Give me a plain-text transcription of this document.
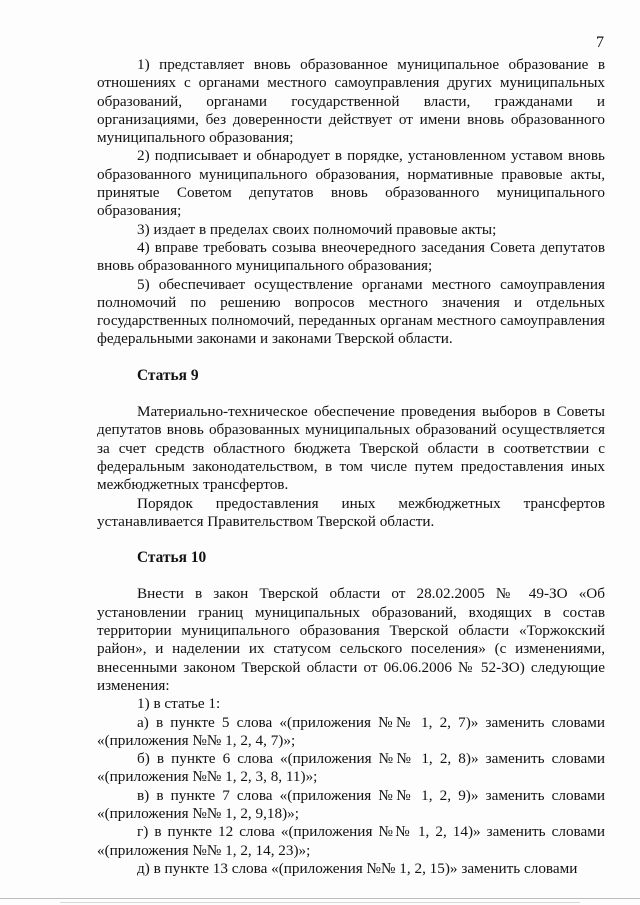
7

1) представляет вновь образованное муниципальное образование в отношениях с органами местного самоуправления других муниципальных образований, органами государственной власти, гражданами и организациями, без доверенности действует от имени вновь образованного муниципального образования;

2) подписывает и обнародует в порядке, установленном уставом вновь образованного муниципального образования, нормативные правовые акты, принятые Советом депутатов вновь образованного муниципального образования;

3) издает в пределах своих полномочий правовые акты;

4) вправе требовать созыва внеочередного заседания Совета депутатов вновь образованного муниципального образования;

5) обеспечивает осуществление органами местного самоуправления полномочий по решению вопросов местного значения и отдельных государственных полномочий, переданных органам местного самоуправления федеральными законами и законами Тверской области.

Статья 9

Материально-техническое обеспечение проведения выборов в Советы депутатов вновь образованных муниципальных образований осуществляется за счет средств областного бюджета Тверской области в соответствии с федеральным законодательством, в том числе путем предоставления иных межбюджетных трансфертов.

Порядок предоставления иных межбюджетных трансфертов устанавливается Правительством Тверской области.

Статья 10

Внести в закон Тверской области от 28.02.2005 № 49-ЗО «Об установлении границ муниципальных образований, входящих в состав территории муниципального образования Тверской области «Торжокский район», и наделении их статусом сельского поселения» (с изменениями, внесенными законом Тверской области от 06.06.2006 № 52-ЗО) следующие изменения:

1) в статье 1:

а) в пункте 5 слова «(приложения №№ 1, 2, 7)» заменить словами «(приложения №№ 1, 2, 4, 7)»;

б) в пункте 6 слова «(приложения №№ 1, 2, 8)» заменить словами «(приложения №№ 1, 2, 3, 8, 11)»;

в) в пункте 7 слова «(приложения №№ 1, 2, 9)» заменить словами «(приложения №№ 1, 2, 9,18)»;

г) в пункте 12 слова «(приложения №№ 1, 2, 14)» заменить словами «(приложения №№ 1, 2, 14, 23)»;

д) в пункте 13 слова «(приложения №№ 1, 2, 15)» заменить словами
